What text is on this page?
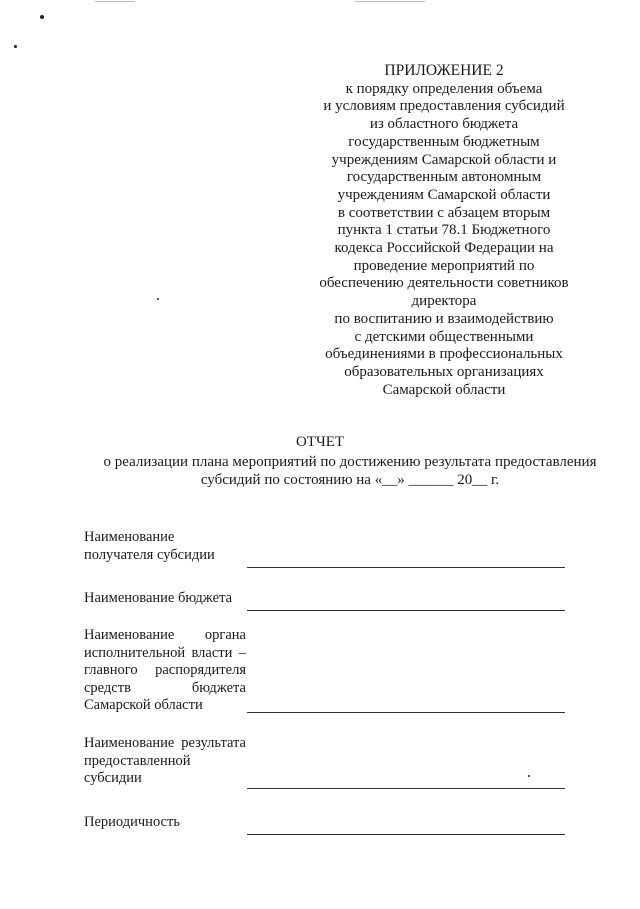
ПРИЛОЖЕНИЕ 2
к порядку определения объема
и условиям предоставления субсидий
из областного бюджета
государственным бюджетным
учреждениям Самарской области и
государственным автономным
учреждениям Самарской области
в соответствии с абзацем вторым
пункта 1 статьи 78.1 Бюджетного
кодекса Российской Федерации на
проведение мероприятий по
обеспечению деятельности советников
директора
по воспитанию и взаимодействию
с детскими общественными
объединениями в профессиональных
образовательных организациях
Самарской области
ОТЧЕТ
о реализации плана мероприятий по достижению результата предоставления
субсидий по состоянию на «__» ______ 20__ г.
Наименование получателя субсидии
Наименование бюджета
Наименование органа исполнительной власти – главного распорядителя средств бюджета Самарской области
Наименование результата предоставленной субсидии
Периодичность
